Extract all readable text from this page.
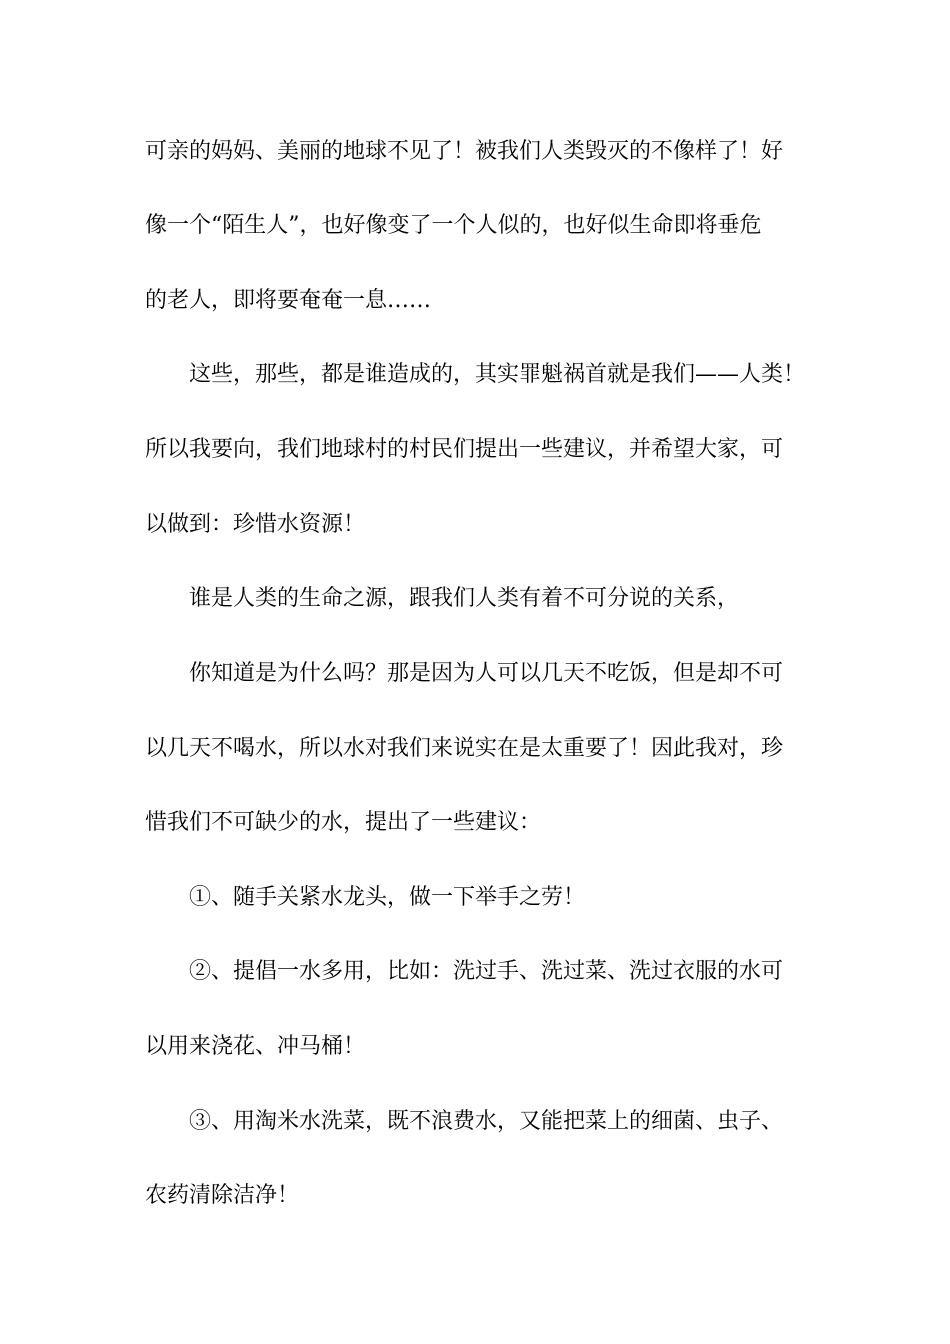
可亲的妈妈、美丽的地球不见了！被我们人类毁灭的不像样了！好

像一个“陌生人”，也好像变了一个人似的，也好似生命即将垂危

的老人，即将要奄奄一息……

这些，那些，都是谁造成的，其实罪魁祸首就是我们——人类！

所以我要向，我们地球村的村民们提出一些建议，并希望大家，可

以做到：珍惜水资源！

谁是人类的生命之源，跟我们人类有着不可分说的关系，

你知道是为什么吗？那是因为人可以几天不吃饭，但是却不可

以几天不喝水，所以水对我们来说实在是太重要了！因此我对，珍

惜我们不可缺少的水，提出了一些建议：

①、随手关紧水龙头，做一下举手之劳！

②、提倡一水多用，比如：洗过手、洗过菜、洗过衣服的水可

以用来浇花、冲马桶！

③、用淘米水洗菜，既不浪费水，又能把菜上的细菌、虫子、

农药清除洁净！
